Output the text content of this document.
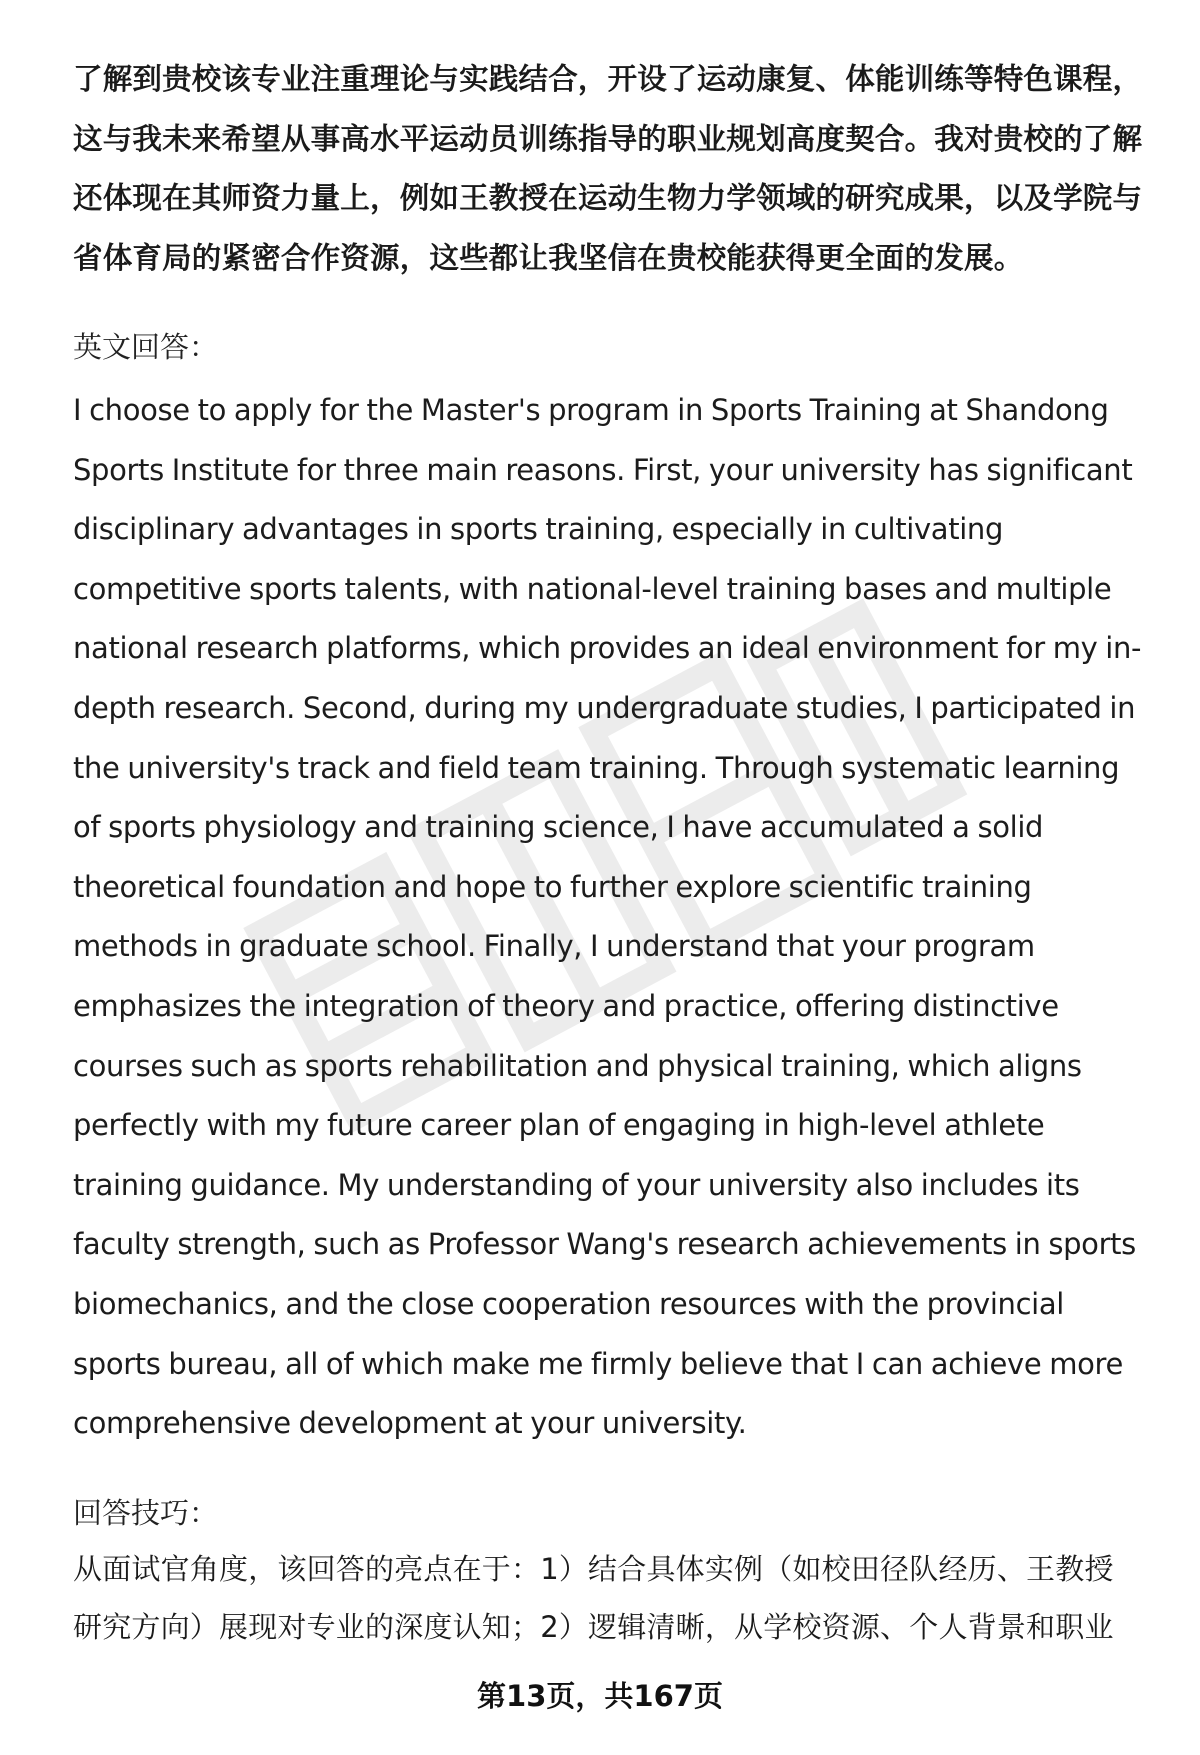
了解到贵校该专业注重理论与实践结合，开设了运动康复、体能训练等特色课程，
这与我未来希望从事高水平运动员训练指导的职业规划高度契合。我对贵校的了解
还体现在其师资力量上，例如王教授在运动生物力学领域的研究成果，以及学院与
省体育局的紧密合作资源，这些都让我坚信在贵校能获得更全面的发展。
英文回答：
I choose to apply for the Master's program in Sports Training at Shandong
Sports Institute for three main reasons. First, your university has significant
disciplinary advantages in sports training, especially in cultivating
competitive sports talents, with national-level training bases and multiple
national research platforms, which provides an ideal environment for my in-
depth research. Second, during my undergraduate studies, I participated in
the university's track and field team training. Through systematic learning
of sports physiology and training science, I have accumulated a solid
theoretical foundation and hope to further explore scientific training
methods in graduate school. Finally, I understand that your program
emphasizes the integration of theory and practice, offering distinctive
courses such as sports rehabilitation and physical training, which aligns
perfectly with my future career plan of engaging in high-level athlete
training guidance. My understanding of your university also includes its
faculty strength, such as Professor Wang's research achievements in sports
biomechanics, and the close cooperation resources with the provincial
sports bureau, all of which make me firmly believe that I can achieve more
comprehensive development at your university.
回答技巧：
从面试官角度，该回答的亮点在于：1）结合具体实例（如校田径队经历、王教授
研究方向）展现对专业的深度认知；2）逻辑清晰，从学校资源、个人背景和职业
第13页，共167页
